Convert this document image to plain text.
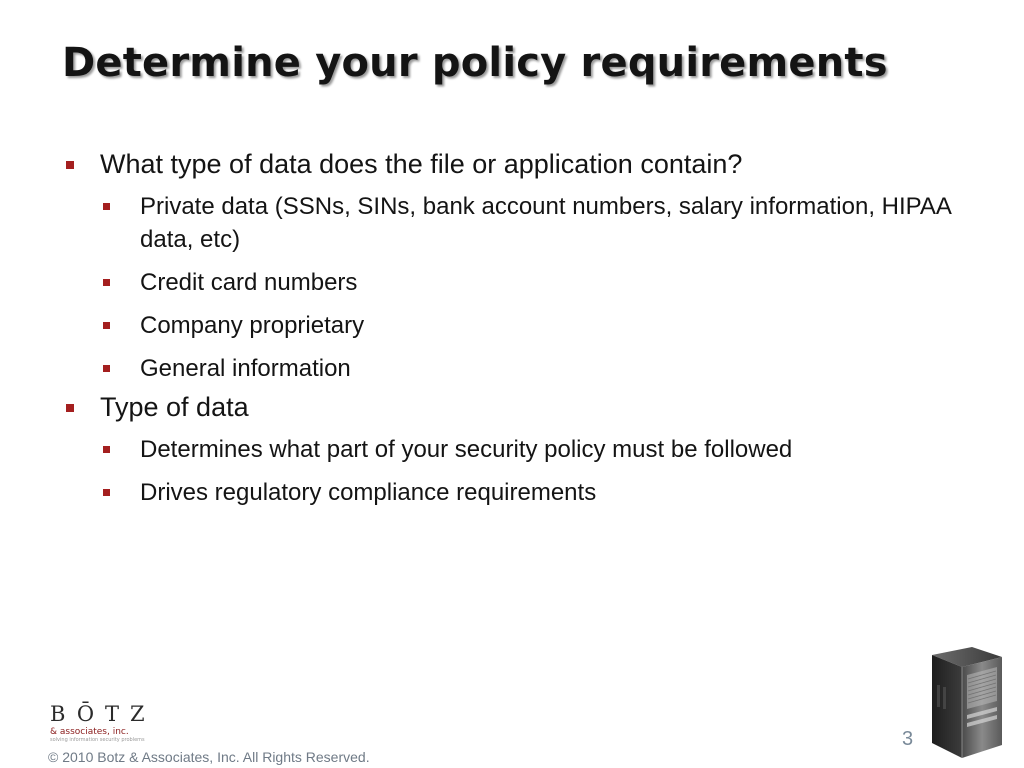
Determine your policy requirements
What type of data does the file or application contain?
Private data (SSNs, SINs, bank account numbers, salary information, HIPAA data, etc)
Credit card numbers
Company proprietary
General information
Type of data
Determines what part of your security policy must be followed
Drives regulatory compliance requirements
BŌTZ
& associates, inc.
solving information security problems	3
© 2010 Botz & Associates, Inc. All Rights Reserved.
